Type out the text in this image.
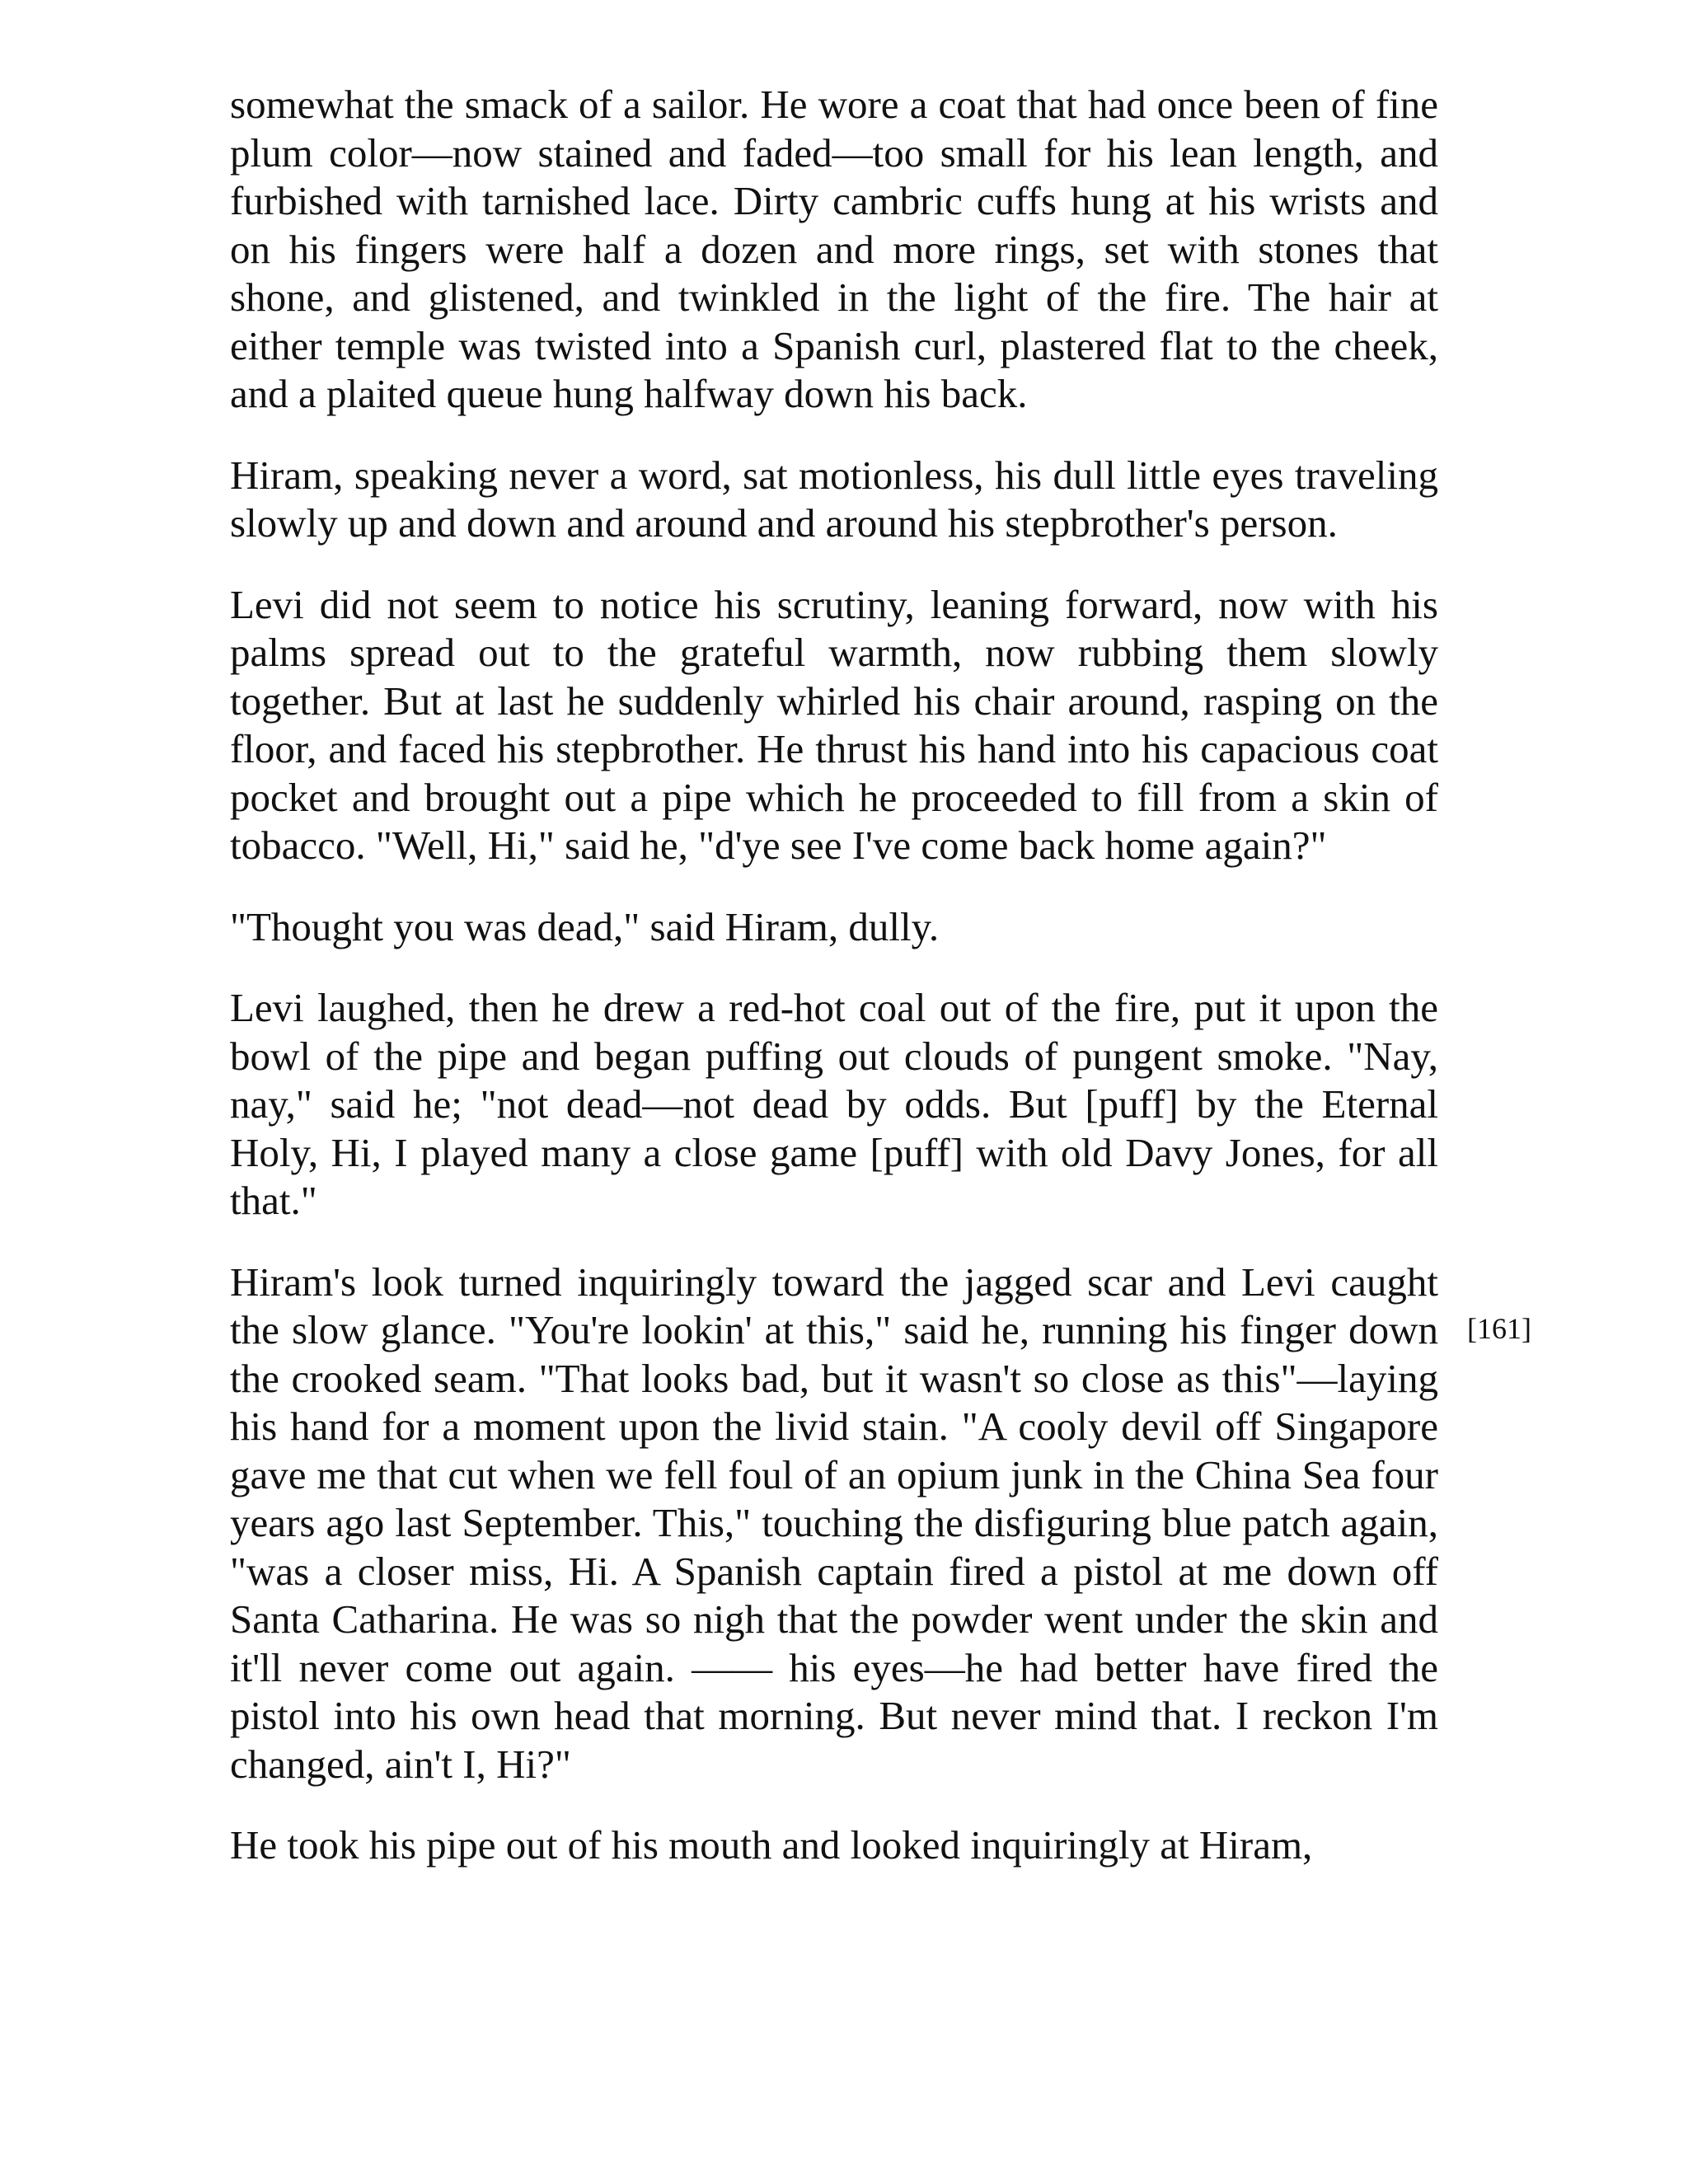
somewhat the smack of a sailor. He wore a coat that had once been of fine plum color—now stained and faded—too small for his lean length, and furbished with tarnished lace. Dirty cambric cuffs hung at his wrists and on his fingers were half a dozen and more rings, set with stones that shone, and glistened, and twinkled in the light of the fire. The hair at either temple was twisted into a Spanish curl, plastered flat to the cheek, and a plaited queue hung halfway down his back.

Hiram, speaking never a word, sat motionless, his dull little eyes traveling slowly up and down and around and around his stepbrother's person.

Levi did not seem to notice his scrutiny, leaning forward, now with his palms spread out to the grateful warmth, now rubbing them slowly together. But at last he suddenly whirled his chair around, rasping on the floor, and faced his stepbrother. He thrust his hand into his capacious coat pocket and brought out a pipe which he proceeded to fill from a skin of tobacco. "Well, Hi," said he, "d'ye see I've come back home again?"

"Thought you was dead," said Hiram, dully.

Levi laughed, then he drew a red-hot coal out of the fire, put it upon the bowl of the pipe and began puffing out clouds of pungent smoke. "Nay, nay," said he; "not dead—not dead by odds. But [puff] by the Eternal Holy, Hi, I played many a close game [puff] with old Davy Jones, for all that."

Hiram's look turned inquiringly toward the jagged scar and Levi caught the slow glance. "You're lookin' at this," said he, running his finger down the crooked seam. "That looks bad, but it wasn't so close as this"—laying his hand for a moment upon the livid stain. "A cooly devil off Singapore gave me that cut when we fell foul of an opium junk in the China Sea four years ago last September. This," touching the disfiguring blue patch again, "was a closer miss, Hi. A Spanish captain fired a pistol at me down off Santa Catharina. He was so nigh that the powder went under the skin and it'll never come out again. —— his eyes—he had better have fired the pistol into his own head that morning. But never mind that. I reckon I'm changed, ain't I, Hi?"

He took his pipe out of his mouth and looked inquiringly at Hiram,

[161]
